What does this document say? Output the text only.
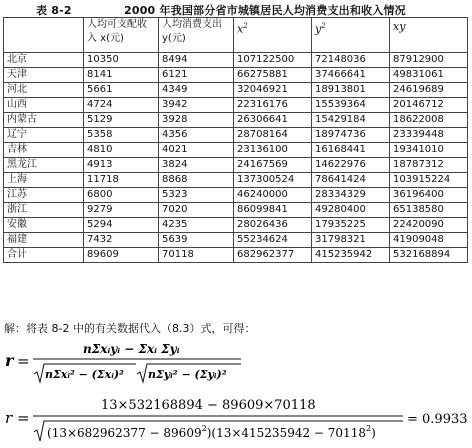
表 8-2	2000 年我国部分省市城镇居民人均消费支出和收入情况
	人均可支配收入 x(元)	人均消费支出 y(元)	$x^2$	$y^2$	xy

北京	10350	8494	107122500	72148036	87912900
天津	8141	6121	66275881	37466641	49831061
河北	5661	4349	32046921	18913801	24619689
山西	4724	3942	22316176	15539364	20146712
内蒙古	5129	3928	26306641	15429184	18622008
辽宁	5358	4356	28708164	18974736	23339448
吉林	4810	4021	23136100	16168441	19341010
黑龙江	4913	3824	24167569	14622976	18787312
上海	11718	8868	137300524	78641424	103915224
江苏	6800	5323	46240000	28334329	36196400
浙江	9279	7020	86099841	49280400	65138580
安徽	5294	4235	28026436	17935225	22420090
福建	7432	5639	55234624	31798321	41909048
合计	89609	70118	682962377	415235942	532168894
解：将表 8-2 中的有关数据代入（8.3）式，可得：
r =
nΣxᵢyᵢ − Σxᵢ Σyᵢ
nΣxᵢ² − (Σxᵢ)² nΣyᵢ² − (Σyᵢ)²
r =
13×532168894 − 89609×70118
$(13\times 682962377 - 89609^2)(13\times 415235942 - 70118^2)$
= 0.9933
